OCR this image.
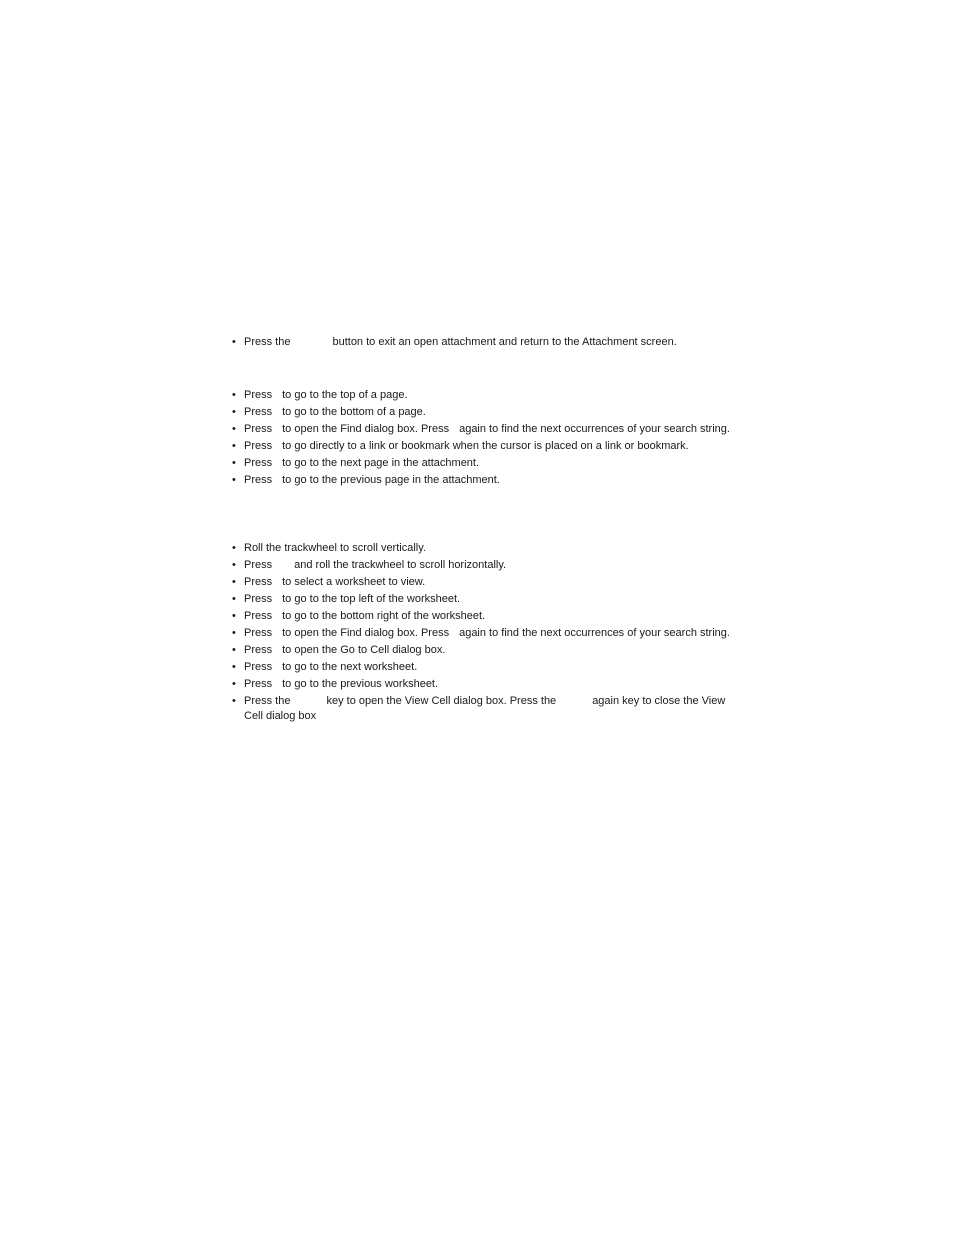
• Press the	button to exit an open attachment and return to the Attachment screen.
• Press to go to the top of a page.
• Press to go to the bottom of a page.
• Press to open the Find dialog box. Press again to find the next occurrences of your search string.
• Press to go directly to a link or bookmark when the cursor is placed on a link or bookmark.
• Press to go to the next page in the attachment.
• Press to go to the previous page in the attachment.
• Roll the trackwheel to scroll vertically.
• Press and roll the trackwheel to scroll horizontally.
• Press to select a worksheet to view.
• Press to go to the top left of the worksheet.
• Press to go to the bottom right of the worksheet.
• Press to open the Find dialog box. Press again to find the next occurrences of your search string.
• Press to open the Go to Cell dialog box.
• Press to go to the next worksheet.
• Press to go to the previous worksheet.
• Press the	key to open the View Cell dialog box. Press the	again key to close the View Cell dialog box
